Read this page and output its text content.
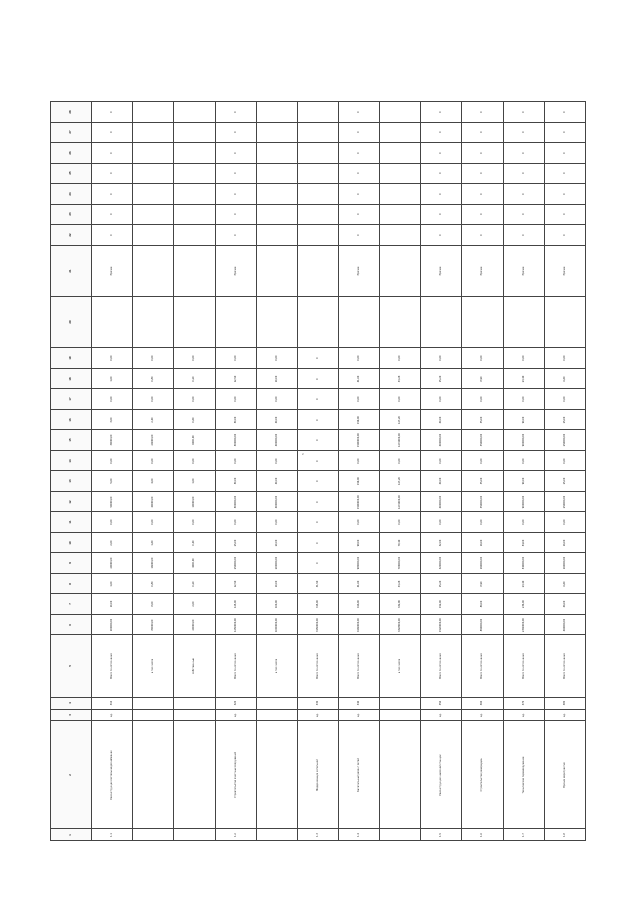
5
28	0			0			0		0	0	0	0

27	0			0			0		0	0	0	0

26	0			0			0		0	0	0	0

25	0			0			0		0	0	0	0

24	0			0			0		0	0	0	0

23	0			0			0		0	0	0	0

22	0			0			0		0	0	0	0

21	Прочее			Прочее			Прочее		Прочее	Прочее	Прочее	Прочее

20												

19	0,00	0,00	0,00	0,00	0,00	0	0,00	0,00	0,00	0,00	0,00	0,00

18	1,00	0,80	0,20	12,50	10,00	0	41,60	33,28	15,20	8,90	23,40	6,60

17	0,00	0,00	0,00	0,00	0,00	0	0,00	0,00	0,00	0,00	0,00	0,00

16	3,00	2,40	0,60	50,00	40,00	0	159,00	127,20	60,00	35,00	90,00	25,00

15	30000,00	24000,00	6000,00	500000,00	400000,00	0	1590000,00	1272000,00	600000,00	350000,00	900000,00	250000,00

14	0,00	0,00	0,00	0,00	0,00	0	0,00	0,00	0,00	0,00	0,00	0,00

13	5,00	4,00	1,00	50,00	40,00	0	159,00	127,20	60,00	35,00	90,00	25,00

12	50000,00	40000,00	10000,00	500000,00	400000,00	0	1590000,00	1272000,00	600000,00	350000,00	900000,00	250000,00

11	0,00	0,00	0,00	0,00	0,00	0	0,00	0,00	0,00	0,00	0,00	0,00

10	2,00	1,60	0,40	25,00	20,00	0	98,00	78,40	32,00	19,00	54,00	16,00

9	20000,00	16000,00	4000,00	250000,00	200000,00	0	980000,00	784000,00	320000,00	190000,00	540000,00	160000,00

8	1,00	0,80	0,20	12,50	10,00	31,50	41,60	33,28	15,20	8,90	23,40	6,60

7	10,00	8,00	2,00	125,00	100,00	315,00	416,00	332,80	152,00	89,00	234,00	66,00

6	100000,00	80000,00	20000,00	1250000,00	1000000,00	3150000,00	4160000,00	3328000,00	1520000,00	890000,00	2340000,00	660000,00

5	Всего по источникам	в том числе	собственные	Всего по источникам	в том числе	Всего по источникам	Всего по источникам	в том числе	Всего по источникам	Всего по источникам	Всего по источникам	Всего по источникам

4	310			320		330	340		350	360	370	380

3	ед.			ед.		ед.	ед.		ед.	ед.	ед.	ед.

2	Реконструкция системы водоснабжения			Строительство очистных сооружений		Модернизация котельной	Капитальный ремонт сетей		Реконструкция насосной станции	Строительство резервуара	Техническое перевооружение	Прочие мероприятия

1	1.1			1.2		1.3	1.4		1.5	1.6	1.7	1.8
